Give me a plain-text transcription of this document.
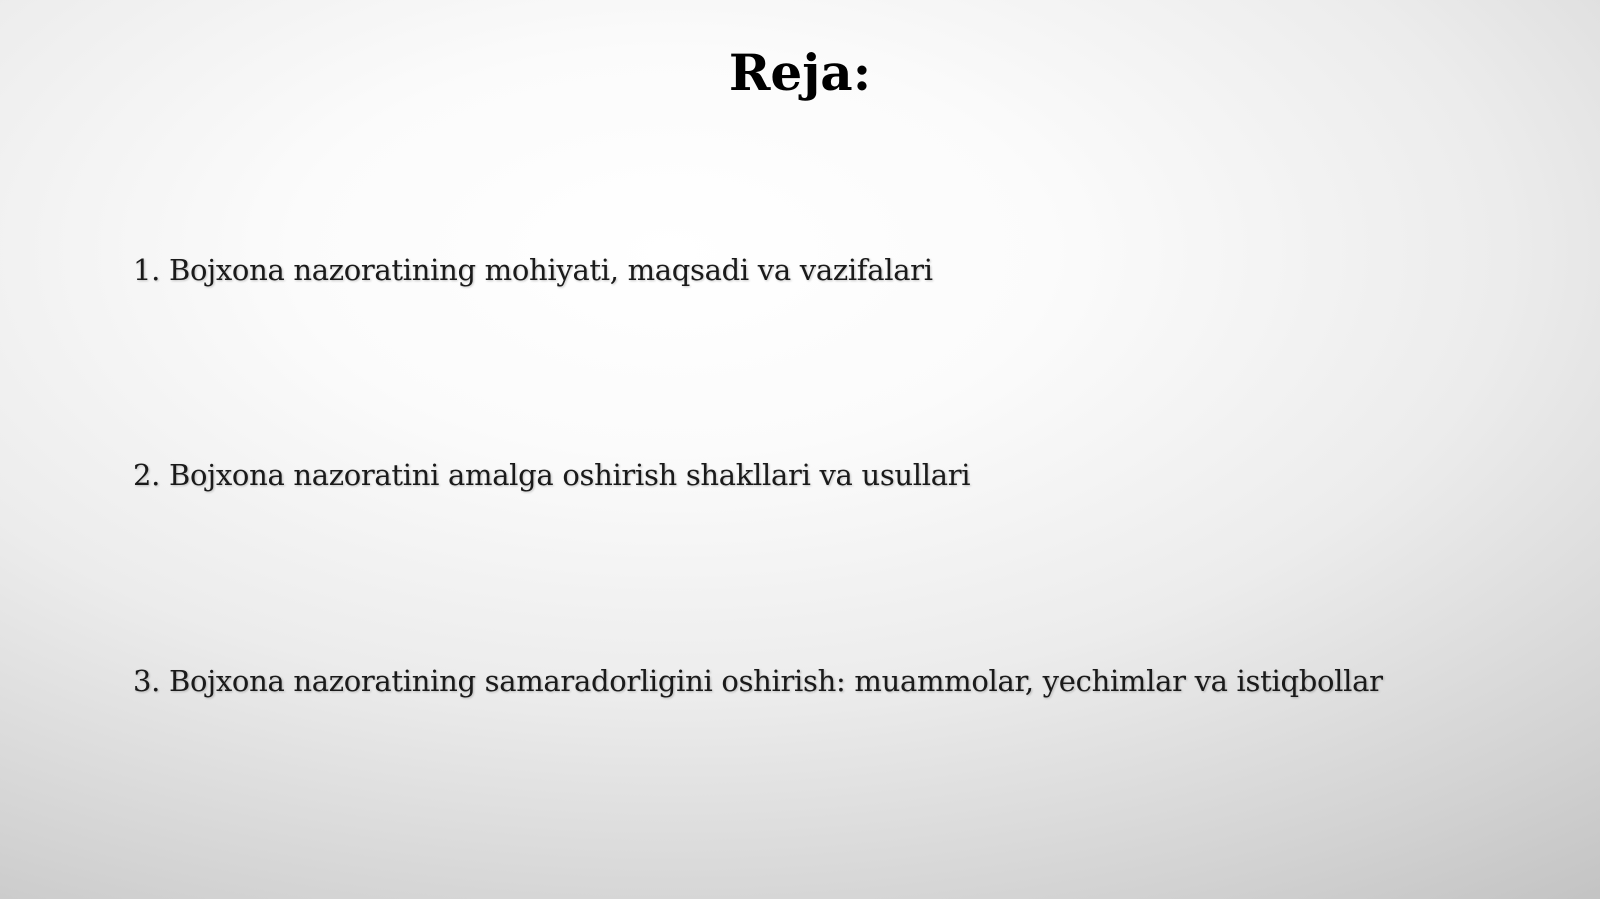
Reja:
1. Bojxona nazoratining mohiyati, maqsadi va vazifalari
2. Bojxona nazoratini amalga oshirish shakllari va usullari
3. Bojxona nazoratining samaradorligini oshirish: muammolar, yechimlar va istiqbollar
